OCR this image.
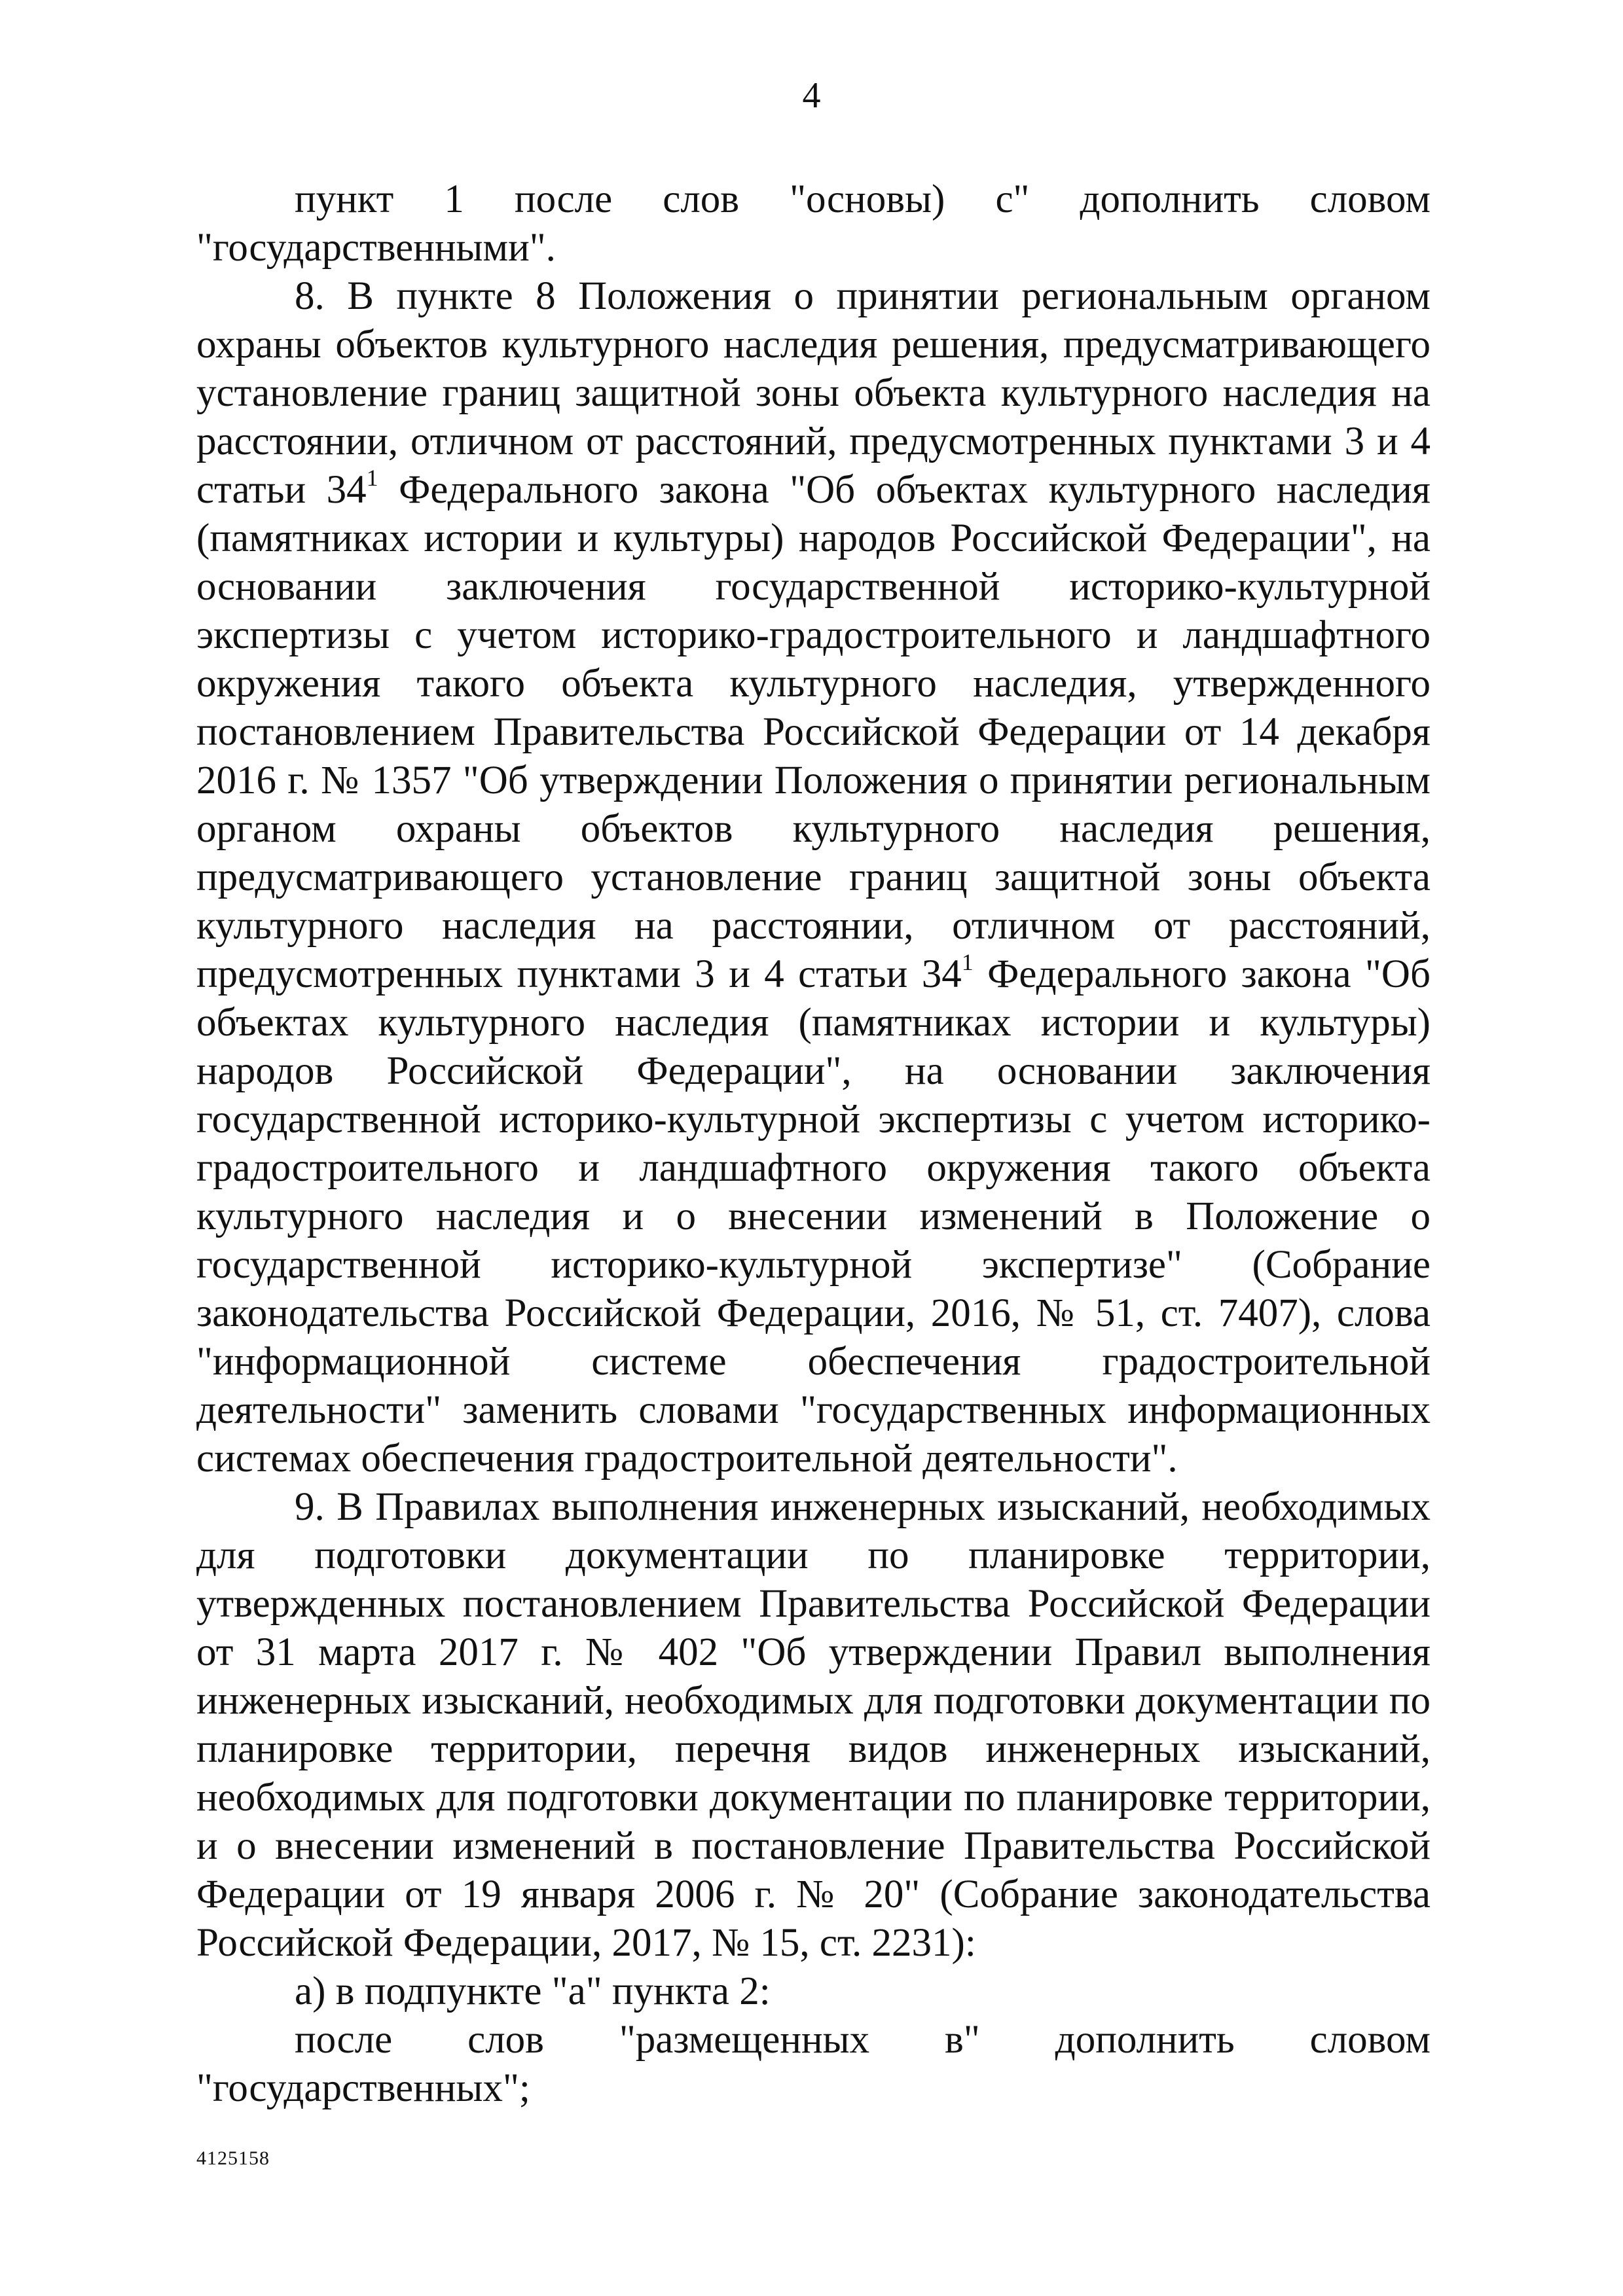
4

пункт 1 после слов "основы) с" дополнить словом "государственными".

8. В пункте 8 Положения о принятии региональным органом охраны объектов культурного наследия решения, предусматривающего установление границ защитной зоны объекта культурного наследия на расстоянии, отличном от расстояний, предусмотренных пунктами 3 и 4 статьи $34^1$ Федерального закона "Об объектах культурного наследия (памятниках истории и культуры) народов Российской Федерации", на основании заключения государственной историко-культурной экспертизы с учетом историко-градостроительного и ландшафтного окружения такого объекта культурного наследия, утвержденного постановлением Правительства Российской Федерации от 14 декабря 2016 г. № 1357 "Об утверждении Положения о принятии региональным органом охраны объектов культурного наследия решения, предусматривающего установление границ защитной зоны объекта культурного наследия на расстоянии, отличном от расстояний, предусмотренных пунктами 3 и 4 статьи $34^1$ Федерального закона "Об объектах культурного наследия (памятниках истории и культуры) народов Российской Федерации", на основании заключения государственной историко-культурной экспертизы с учетом историко-градостроительного и ландшафтного окружения такого объекта культурного наследия и о внесении изменений в Положение о государственной историко-культурной экспертизе" (Собрание законодательства Российской Федерации, 2016, № 51, ст. 7407), слова "информационной системе обеспечения градостроительной деятельности" заменить словами "государственных информационных системах обеспечения градостроительной деятельности".

9. В Правилах выполнения инженерных изысканий, необходимых для подготовки документации по планировке территории, утвержденных постановлением Правительства Российской Федерации от 31 марта 2017 г. № 402 "Об утверждении Правил выполнения инженерных изысканий, необходимых для подготовки документации по планировке территории, перечня видов инженерных изысканий, необходимых для подготовки документации по планировке территории, и о внесении изменений в постановление Правительства Российской Федерации от 19 января 2006 г. № 20" (Собрание законодательства Российской Федерации, 2017, № 15, ст. 2231):

а) в подпункте "а" пункта 2:

после слов "размещенных в" дополнить словом "государственных";

4125158
